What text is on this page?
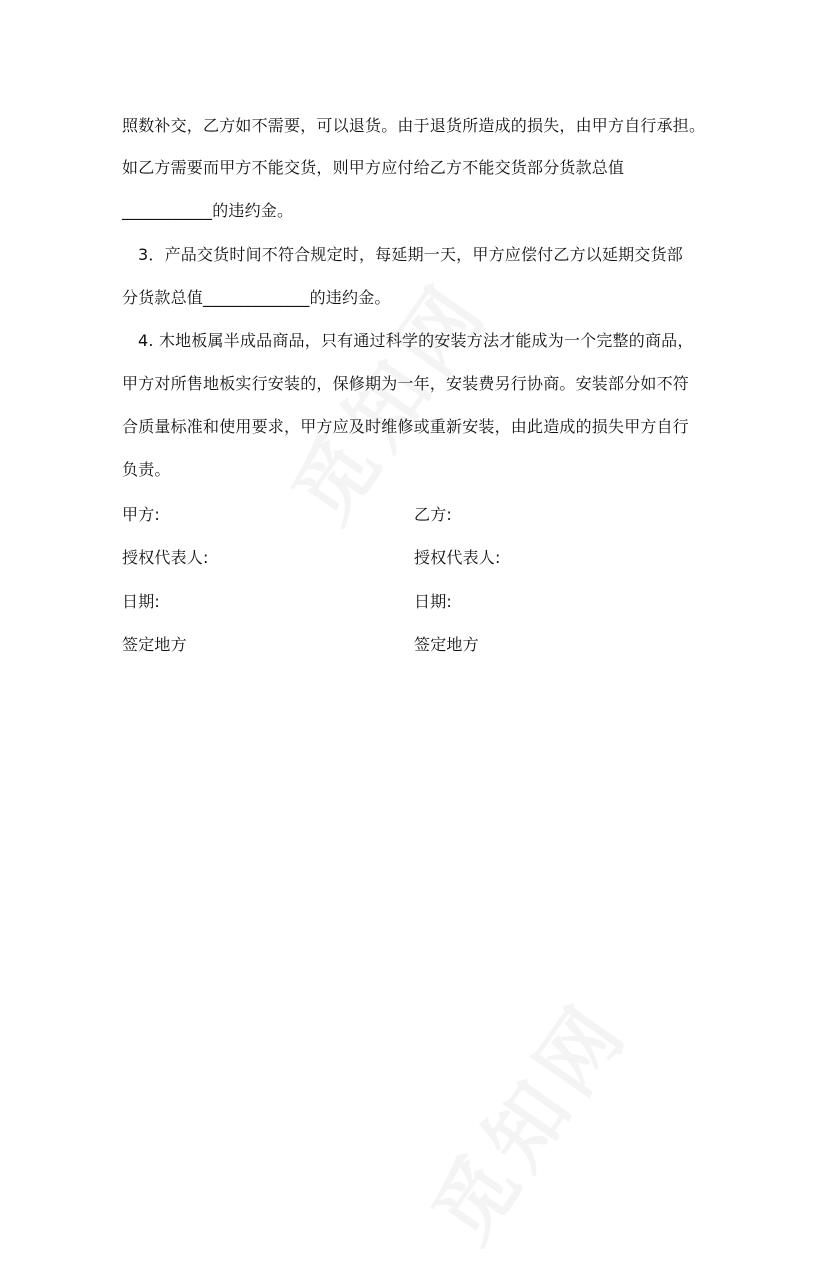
照数补交，乙方如不需要，可以退货。由于退货所造成的损失，由甲方自行承担。
如乙方需要而甲方不能交货，则甲方应付给乙方不能交货部分货款总值
___________的违约金。
3．产品交货时间不符合规定时，每延期一天，甲方应偿付乙方以延期交货部
分货款总值_____________的违约金。
4. 木地板属半成品商品，只有通过科学的安装方法才能成为一个完整的商品，
甲方对所售地板实行安装的，保修期为一年，安装费另行协商。安装部分如不符
合质量标准和使用要求，甲方应及时维修或重新安装，由此造成的损失甲方自行
负责。
甲方:	乙方:
授权代表人:	授权代表人:
日期:	日期:
签定地方	签定地方
